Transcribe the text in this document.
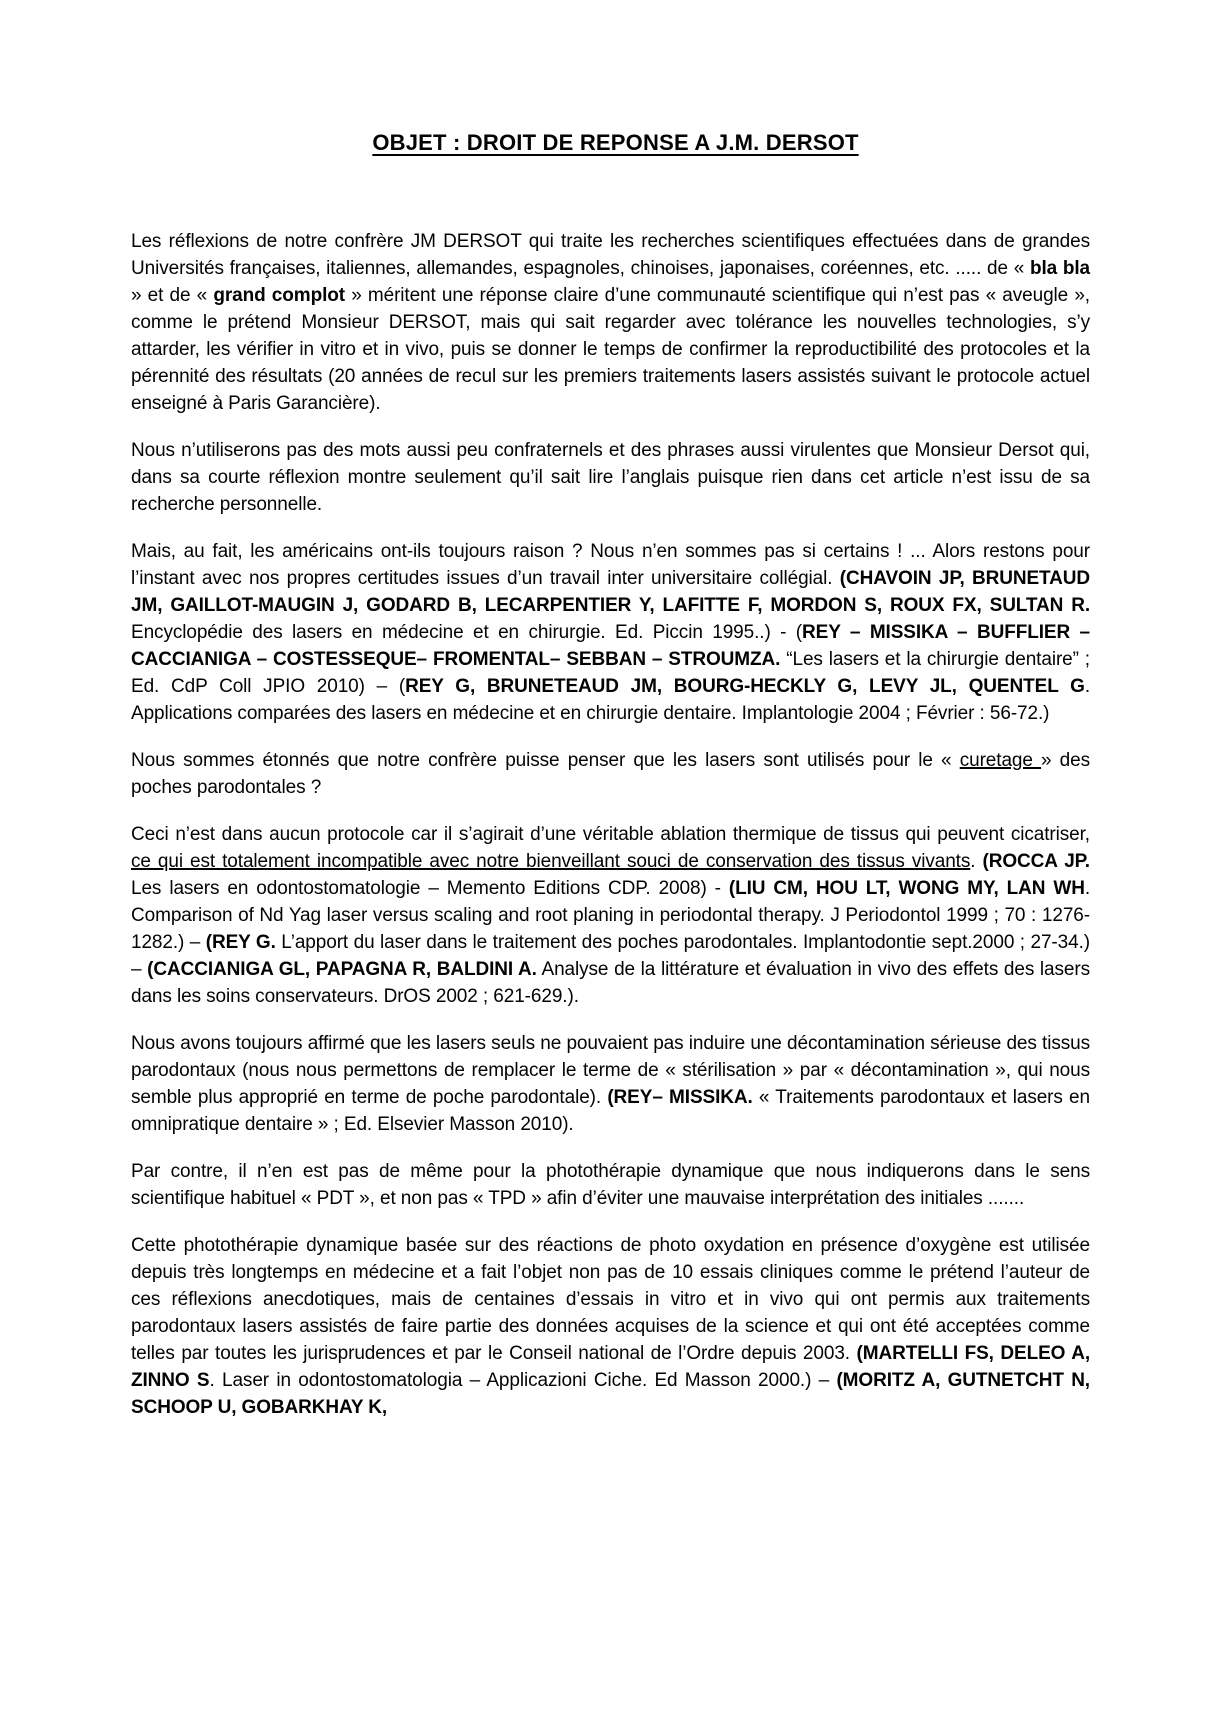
OBJET : DROIT DE REPONSE A J.M. DERSOT

Les réflexions de notre confrère JM DERSOT qui traite les recherches scientifiques effectuées dans de grandes Universités françaises, italiennes, allemandes, espagnoles, chinoises, japonaises, coréennes, etc. ..... de « bla bla » et de « grand complot » méritent une réponse claire d’une communauté scientifique qui n’est pas « aveugle », comme le prétend Monsieur DERSOT, mais qui sait regarder avec tolérance les nouvelles technologies, s’y attarder, les vérifier in vitro et in vivo, puis se donner le temps de confirmer la reproductibilité des protocoles et la pérennité des résultats (20 années de recul sur les premiers traitements lasers assistés suivant le protocole actuel enseigné à Paris Garancière).

Nous n’utiliserons pas des mots aussi peu confraternels et des phrases aussi virulentes que Monsieur Dersot qui, dans sa courte réflexion montre seulement qu’il sait lire l’anglais puisque rien dans cet article n’est issu de sa recherche personnelle.

Mais, au fait, les américains ont-ils toujours raison ? Nous n’en sommes pas si certains ! ... Alors restons pour l’instant avec nos propres certitudes issues d’un travail inter universitaire collégial. (CHAVOIN JP, BRUNETAUD JM, GAILLOT-MAUGIN J, GODARD B, LECARPENTIER Y, LAFITTE F, MORDON S, ROUX FX, SULTAN R. Encyclopédie des lasers en médecine et en chirurgie. Ed. Piccin 1995..) - (REY – MISSIKA – BUFFLIER – CACCIANIGA – COSTESSEQUE– FROMENTAL– SEBBAN – STROUMZA. “Les lasers et la chirurgie dentaire” ; Ed. CdP Coll JPIO 2010) – (REY G, BRUNETEAUD JM, BOURG-HECKLY G, LEVY JL, QUENTEL G. Applications comparées des lasers en médecine et en chirurgie dentaire. Implantologie 2004 ; Février : 56-72.)

Nous sommes étonnés que notre confrère puisse penser que les lasers sont utilisés pour le « curetage » des poches parodontales ?

Ceci n’est dans aucun protocole car il s’agirait d’une véritable ablation thermique de tissus qui peuvent cicatriser, ce qui est totalement incompatible avec notre bienveillant souci de conservation des tissus vivants. (ROCCA JP. Les lasers en odontostomatologie – Memento Editions CDP. 2008) - (LIU CM, HOU LT, WONG MY, LAN WH. Comparison of Nd Yag laser versus scaling and root planing in periodontal therapy. J Periodontol 1999 ; 70 : 1276-1282.) – (REY G. L’apport du laser dans le traitement des poches parodontales. Implantodontie sept.2000 ; 27-34.) – (CACCIANIGA GL, PAPAGNA R, BALDINI A. Analyse de la littérature et évaluation in vivo des effets des lasers dans les soins conservateurs. DrOS 2002 ; 621-629.).

Nous avons toujours affirmé que les lasers seuls ne pouvaient pas induire une décontamination sérieuse des tissus parodontaux (nous nous permettons de remplacer le terme de « stérilisation » par « décontamination », qui nous semble plus approprié en terme de poche parodontale). (REY– MISSIKA. « Traitements parodontaux et lasers en omnipratique dentaire » ; Ed. Elsevier Masson 2010).

Par contre, il n’en est pas de même pour la photothérapie dynamique que nous indiquerons dans le sens scientifique habituel « PDT », et non pas « TPD » afin d’éviter une mauvaise interprétation des initiales .......

Cette photothérapie dynamique basée sur des réactions de photo oxydation en présence d’oxygène est utilisée depuis très longtemps en médecine et a fait l’objet non pas de 10 essais cliniques comme le prétend l’auteur de ces réflexions anecdotiques, mais de centaines d’essais in vitro et in vivo qui ont permis aux traitements parodontaux lasers assistés de faire partie des données acquises de la science et qui ont été acceptées comme telles par toutes les jurisprudences et par le Conseil national de l’Ordre depuis 2003. (MARTELLI FS, DELEO A, ZINNO S. Laser in odontostomatologia – Applicazioni Ciche. Ed Masson 2000.) – (MORITZ A, GUTNETCHT N, SCHOOP U, GOBARKHAY K,
